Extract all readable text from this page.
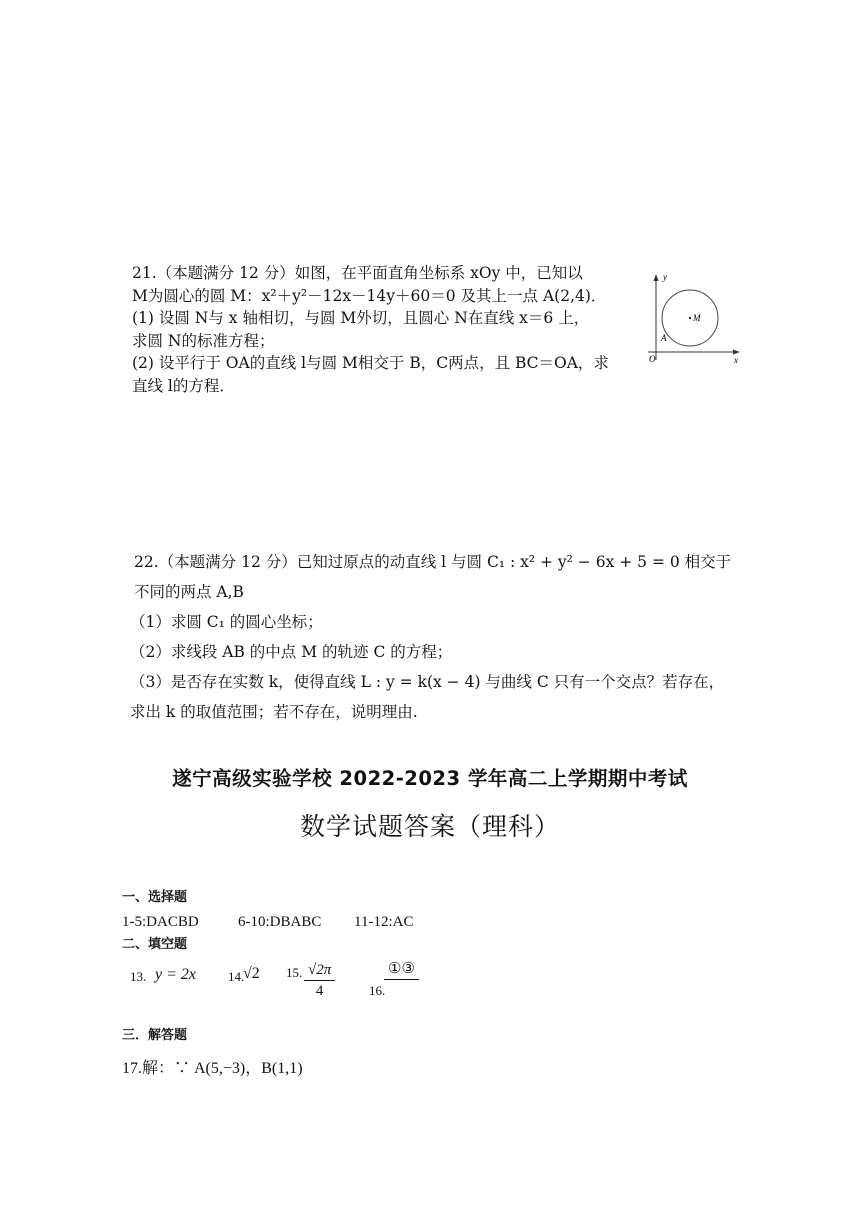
21.（本题满分 12 分）如图，在平面直角坐标系 xOy 中，已知以
M为圆心的圆 M：x²＋y²－12x－14y＋60＝0 及其上一点 A(2,4)．
(1) 设圆 N与 x 轴相切，与圆 M外切，且圆心 N在直线 x＝6 上，
求圆 N的标准方程；
(2) 设平行于 OA的直线 l与圆 M相交于 B，C两点，且 BC＝OA，求
直线 l的方程．
y
x
O
M
A
22.（本题满分 12 分）已知过原点的动直线 l 与圆 C₁ : x² + y² − 6x + 5 = 0 相交于
不同的两点 A,B
（1）求圆 C₁ 的圆心坐标；
（2）求线段 AB 的中点 M 的轨迹 C 的方程；
（3）是否存在实数 k，使得直线 L : y = k(x − 4) 与曲线 C 只有一个交点？若存在，
求出 k 的取值范围；若不存在，说明理由.
遂宁高级实验学校 2022-2023 学年高二上学期期中考试
数学试题答案（理科）
一、选择题
1-5:DACBD	6-10:DBABC 11-12:AC
二、填空题
13. y = 2x 14.
√2 15. $\frac{√2\pi}{4}$	16.
①③
三．解答题
17.解：∵ A(5,−3)，B(1,1)
